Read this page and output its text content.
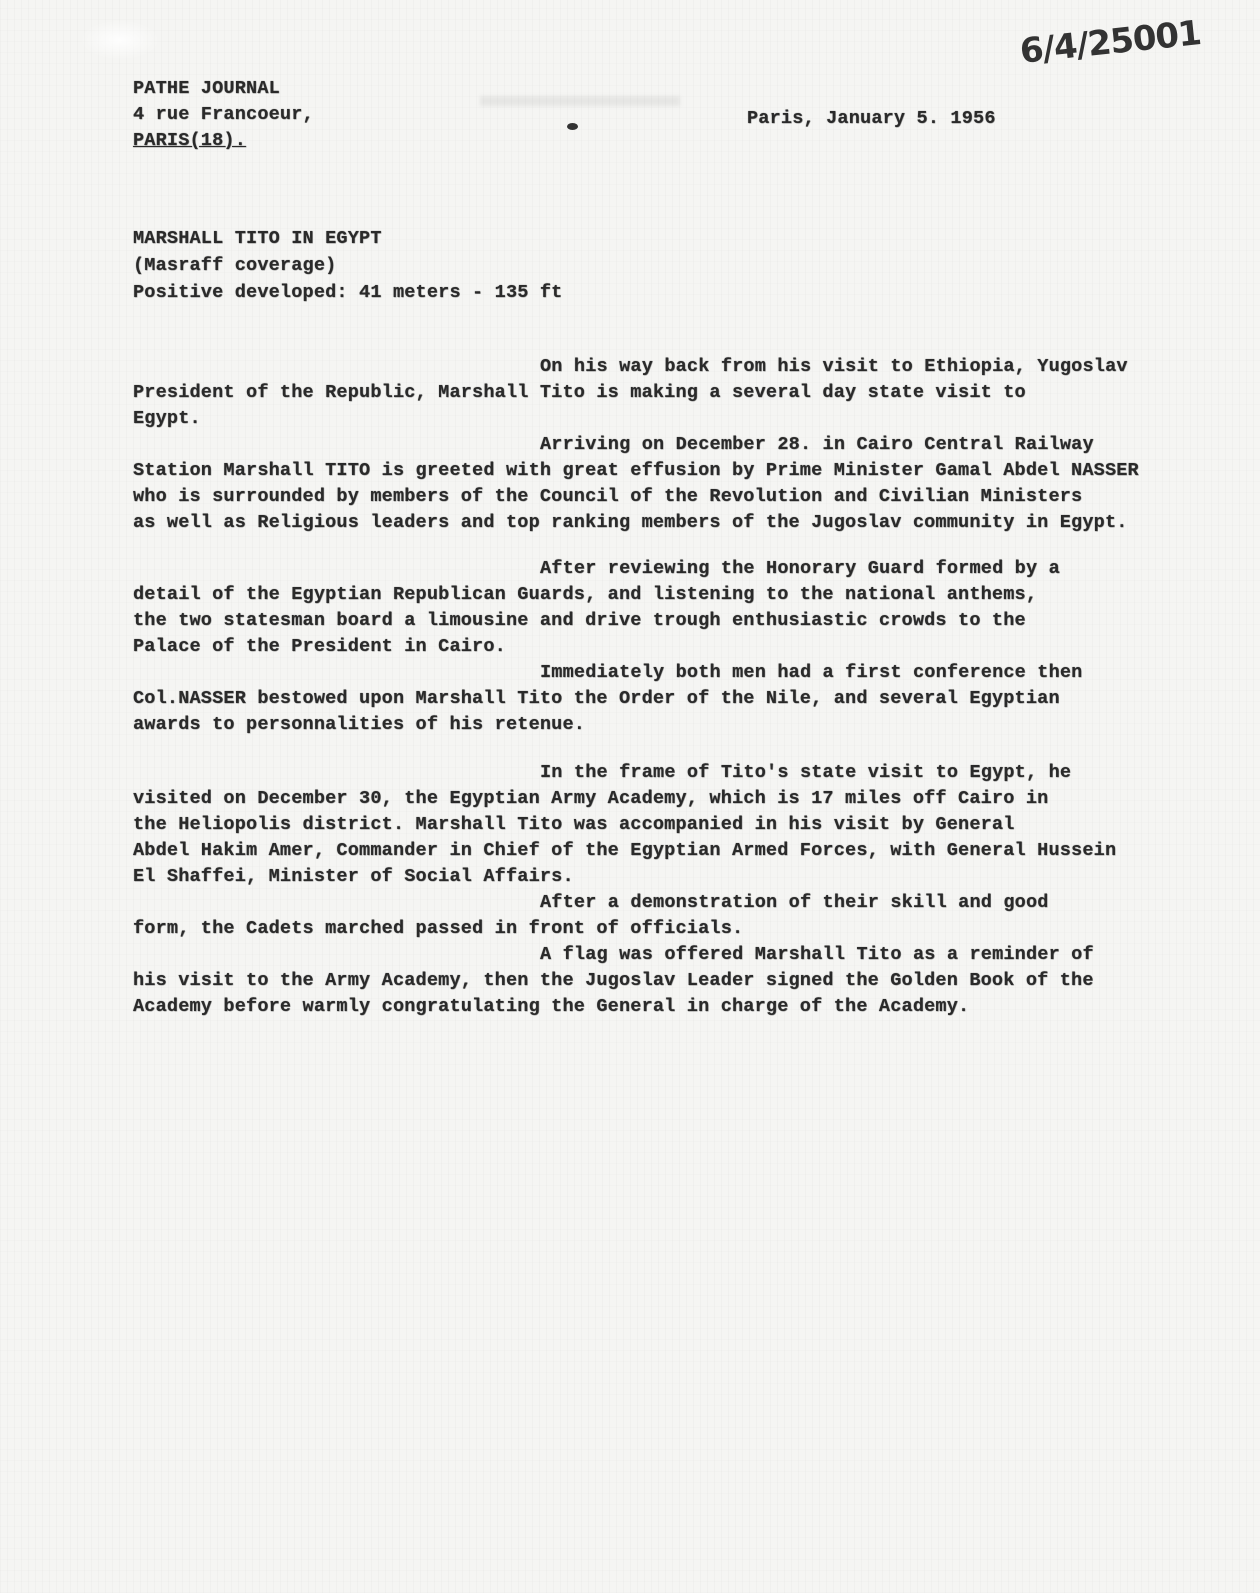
PATHE JOURNAL
4 rue Francoeur,
PARIS(18).
Paris, January 5. 1956
6/4/25001
MARSHALL TITO IN EGYPT
(Masraff coverage)
Positive developed: 41 meters - 135 ft
On his way back from his visit to Ethiopia, Yugoslav
President of the Republic, Marshall Tito is making a several day state visit to
Egypt.
Arriving on December 28. in Cairo Central Railway
Station Marshall TITO is greeted with great effusion by Prime Minister Gamal Abdel NASSER
who is surrounded by members of the Council of the Revolution and Civilian Ministers
as well as Religious leaders and top ranking members of the Jugoslav community in Egypt.
After reviewing the Honorary Guard formed by a
detail of the Egyptian Republican Guards, and listening to the national anthems,
the two statesman board a limousine and drive trough enthusiastic crowds to the
Palace of the President in Cairo.
Immediately both men had a first conference then
Col.NASSER bestowed upon Marshall Tito the Order of the Nile, and several Egyptian
awards to personnalities of his retenue.
In the frame of Tito's state visit to Egypt, he
visited on December 30, the Egyptian Army Academy, which is 17 miles off Cairo in
the Heliopolis district. Marshall Tito was accompanied in his visit by General
Abdel Hakim Amer, Commander in Chief of the Egyptian Armed Forces, with General Hussein
El Shaffei, Minister of Social Affairs.
After a demonstration of their skill and good
form, the Cadets marched passed in front of officials.
A flag was offered Marshall Tito as a reminder of
his visit to the Army Academy, then the Jugoslav Leader signed the Golden Book of the
Academy before warmly congratulating the General in charge of the Academy.
